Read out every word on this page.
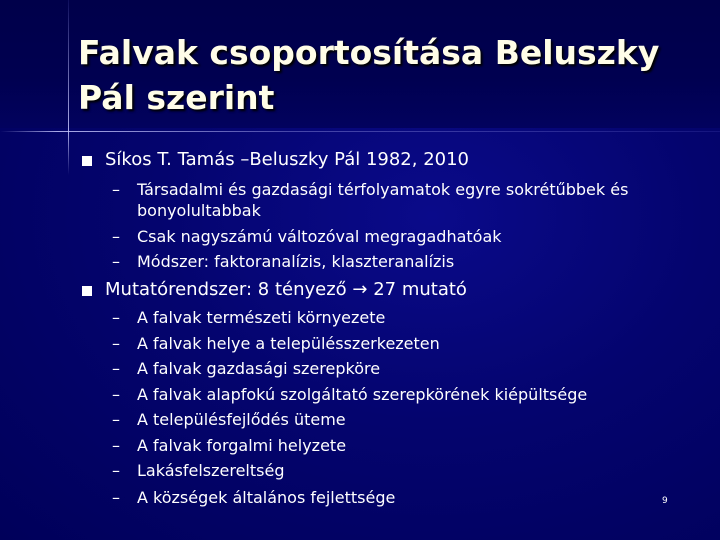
Falvak csoportosítása Beluszky Pál szerint
Síkos T. Tamás –Beluszky Pál 1982, 2010
– Társadalmi és gazdasági térfolyamatok egyre sokrétűbbek és
bonyolultabbak
– Csak nagyszámú változóval megragadhatóak
– Módszer: faktoranalízis, klaszteranalízis
Mutatórendszer: 8 tényező → 27 mutató
– A falvak természeti környezete
– A falvak helye a településszerkezeten
– A falvak gazdasági szerepköre
– A falvak alapfokú szolgáltató szerepkörének kiépültsége
– A településfejlődés üteme
– A falvak forgalmi helyzete
– Lakásfelszereltség
– A községek általános fejlettsége	9
